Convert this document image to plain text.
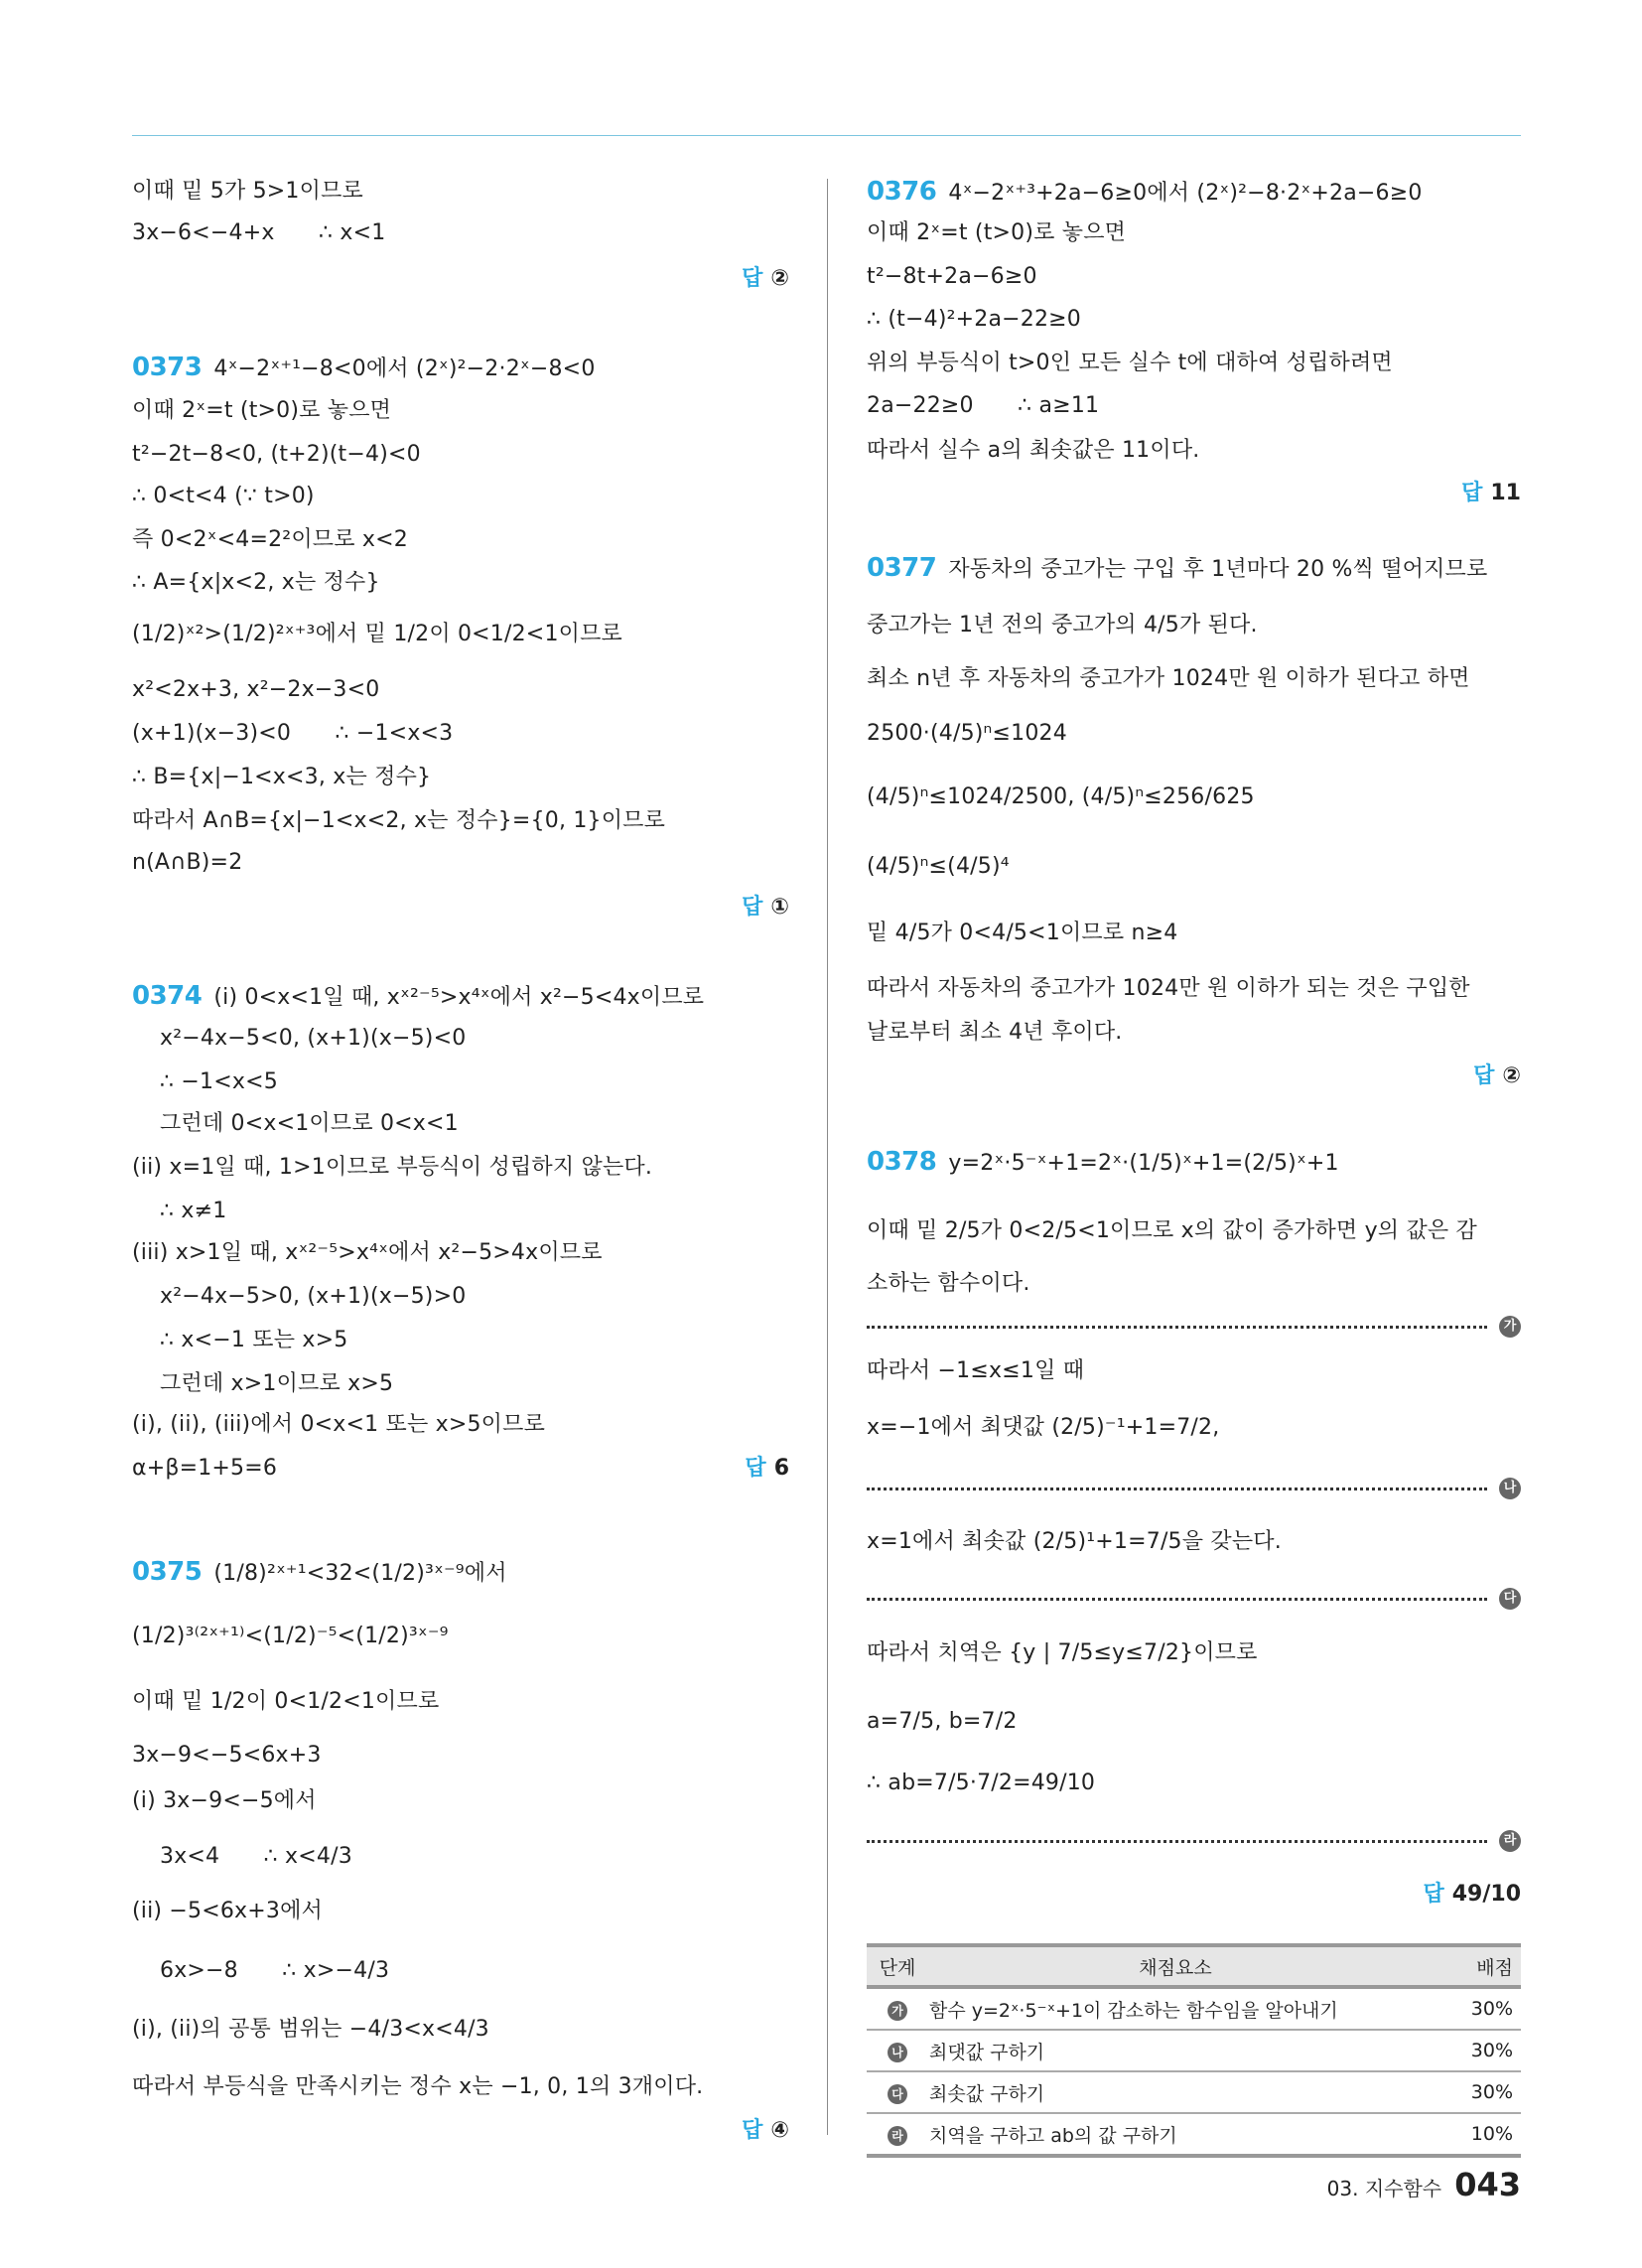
이때 밑 5가 5>1이므로
3x−6<−4+x　　∴ x<1
답 ②
0373 4ˣ−2ˣ⁺¹−8<0에서 (2ˣ)²−2·2ˣ−8<0
이때 2ˣ=t (t>0)로 놓으면
t²−2t−8<0, (t+2)(t−4)<0
∴ 0<t<4 (∵ t>0)
즉 0<2ˣ<4=2²이므로 x<2
∴ A={x|x<2, x는 정수}
(1/2)ˣ²>(1/2)²ˣ⁺³에서 밑 1/2이 0<1/2<1이므로
x²<2x+3, x²−2x−3<0
(x+1)(x−3)<0　　∴ −1<x<3
∴ B={x|−1<x<3, x는 정수}
따라서 A∩B={x|−1<x<2, x는 정수}={0, 1}이므로
n(A∩B)=2
답 ①
0374 (i) 0<x<1일 때, xˣ²⁻⁵>x⁴ˣ에서 x²−5<4x이므로
x²−4x−5<0, (x+1)(x−5)<0
∴ −1<x<5
그런데 0<x<1이므로 0<x<1
(ii) x=1일 때, 1>1이므로 부등식이 성립하지 않는다.
∴ x≠1
(iii) x>1일 때, xˣ²⁻⁵>x⁴ˣ에서 x²−5>4x이므로
x²−4x−5>0, (x+1)(x−5)>0
∴ x<−1 또는 x>5
그런데 x>1이므로 x>5
(i), (ii), (iii)에서 0<x<1 또는 x>5이므로
α+β=1+5=6	답 6
0375 (1/8)²ˣ⁺¹<32<(1/2)³ˣ⁻⁹에서
(1/2)³⁽²ˣ⁺¹⁾<(1/2)⁻⁵<(1/2)³ˣ⁻⁹
이때 밑 1/2이 0<1/2<1이므로
3x−9<−5<6x+3
(i) 3x−9<−5에서
3x<4　　∴ x<4/3
(ii) −5<6x+3에서
6x>−8　　∴ x>−4/3
(i), (ii)의 공통 범위는 −4/3<x<4/3
따라서 부등식을 만족시키는 정수 x는 −1, 0, 1의 3개이다.
답 ④
0376 4ˣ−2ˣ⁺³+2a−6≥0에서 (2ˣ)²−8·2ˣ+2a−6≥0
이때 2ˣ=t (t>0)로 놓으면
t²−8t+2a−6≥0
∴ (t−4)²+2a−22≥0
위의 부등식이 t>0인 모든 실수 t에 대하여 성립하려면
2a−22≥0　　∴ a≥11
따라서 실수 a의 최솟값은 11이다.
답 11
0377 자동차의 중고가는 구입 후 1년마다 20 %씩 떨어지므로
중고가는 1년 전의 중고가의 4/5가 된다.
최소 n년 후 자동차의 중고가가 1024만 원 이하가 된다고 하면
2500·(4/5)ⁿ≤1024
(4/5)ⁿ≤1024/2500, (4/5)ⁿ≤256/625
(4/5)ⁿ≤(4/5)⁴
밑 4/5가 0<4/5<1이므로 n≥4
따라서 자동차의 중고가가 1024만 원 이하가 되는 것은 구입한
날로부터 최소 4년 후이다.
답 ②
0378 y=2ˣ·5⁻ˣ+1=2ˣ·(1/5)ˣ+1=(2/5)ˣ+1
이때 밑 2/5가 0<2/5<1이므로 x의 값이 증가하면 y의 값은 감
소하는 함수이다.
따라서 −1≤x≤1일 때
x=−1에서 최댓값 (2/5)⁻¹+1=7/2,
x=1에서 최솟값 (2/5)¹+1=7/5을 갖는다.
따라서 치역은 {y | 7/5≤y≤7/2}이므로
a=7/5, b=7/2
∴ ab=7/5·7/2=49/10
답 49/10
가
나
다
라
단계	채점요소	배점
가	함수 y=2ˣ·5⁻ˣ+1이 감소하는 함수임을 알아내기	30%
나	최댓값 구하기	30%
다	최솟값 구하기	30%
라	치역을 구하고 ab의 값 구하기	10%
03. 지수함수 043
